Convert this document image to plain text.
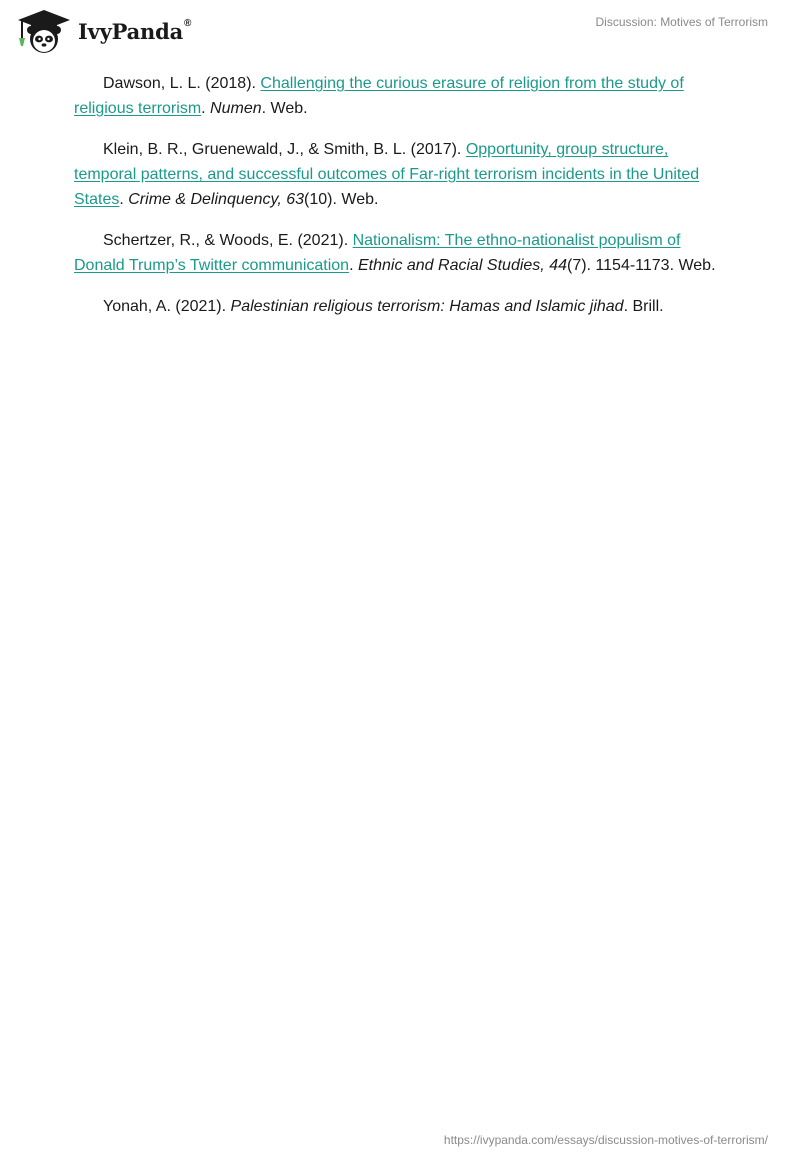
IvyPanda ®	Discussion: Motives of Terrorism

Dawson, L. L. (2018). Challenging the curious erasure of religion from the study of religious terrorism. Numen. Web.

Klein, B. R., Gruenewald, J., & Smith, B. L. (2017). Opportunity, group structure, temporal patterns, and successful outcomes of Far-right terrorism incidents in the United States. Crime & Delinquency, 63(10). Web.

Schertzer, R., & Woods, E. (2021). Nationalism: The ethno-nationalist populism of Donald Trump’s Twitter communication. Ethnic and Racial Studies, 44(7). 1154-1173. Web.

Yonah, A. (2021). Palestinian religious terrorism: Hamas and Islamic jihad. Brill.

https://ivypanda.com/essays/discussion-motives-of-terrorism/
